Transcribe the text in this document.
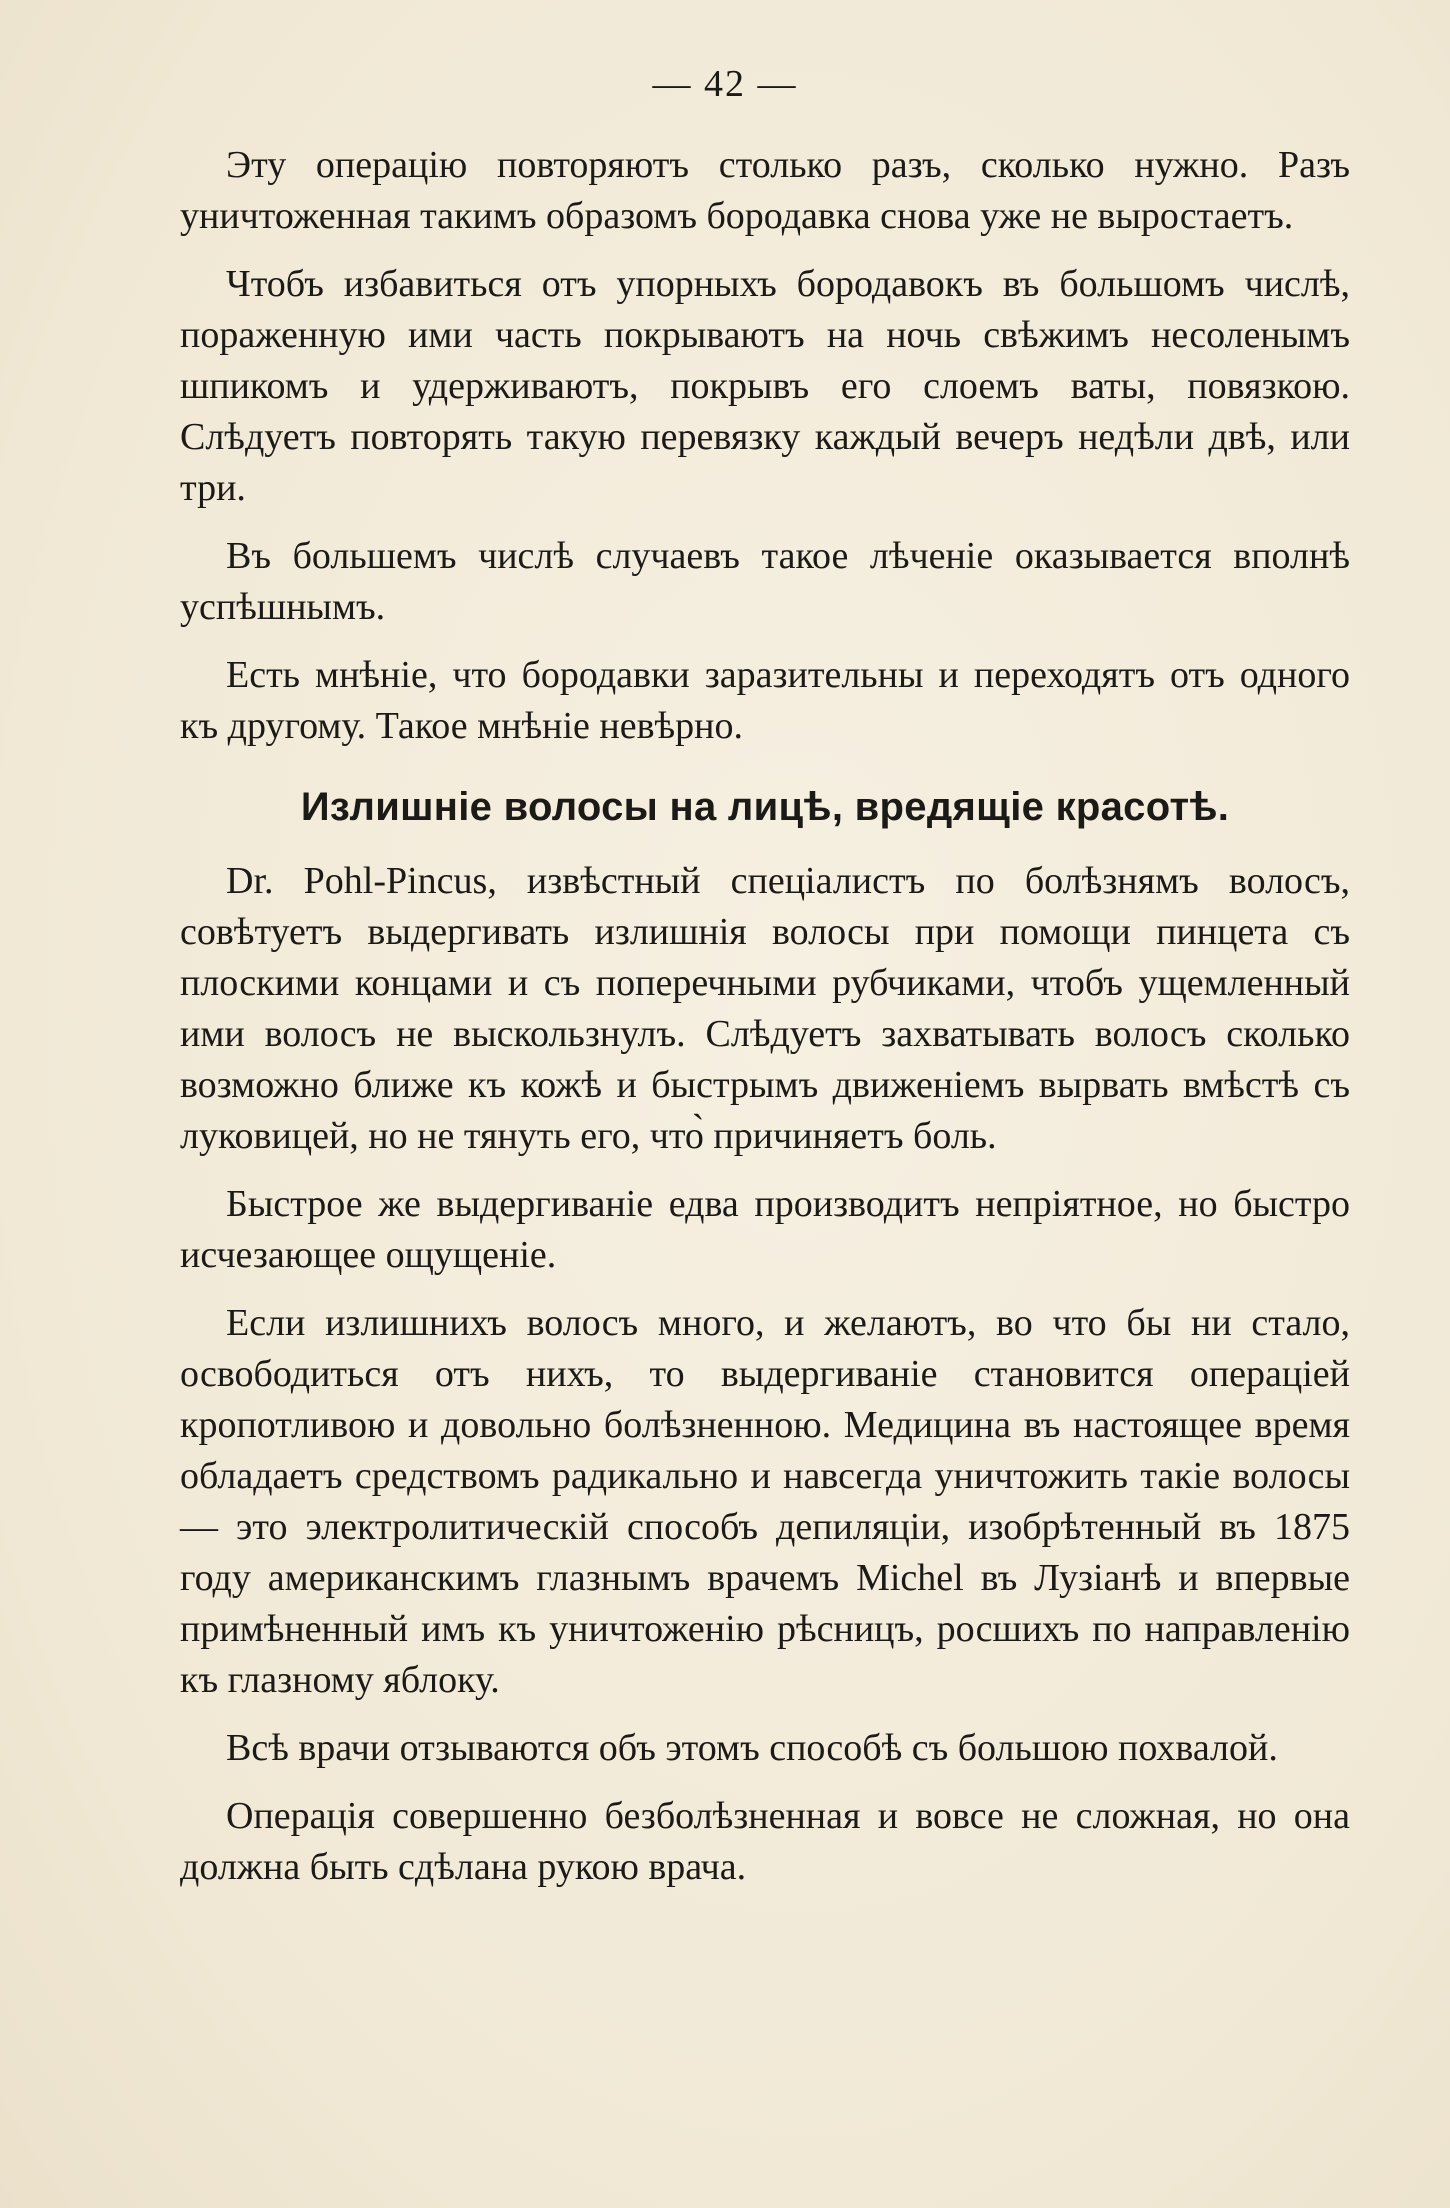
— 42 —

Эту операцію повторяютъ столько разъ, сколько нужно. Разъ уничтоженная такимъ образомъ бородавка снова уже не выростаетъ.

Чтобъ избавиться отъ упорныхъ бородавокъ въ большомъ числѣ, пораженную ими часть покрываютъ на ночь свѣжимъ несоленымъ шпикомъ и удерживаютъ, покрывъ его слоемъ ваты, повязкою. Слѣдуетъ повторять такую перевязку каждый вечеръ недѣли двѣ, или три.

Въ большемъ числѣ случаевъ такое лѣченіе оказывается вполнѣ успѣшнымъ.

Есть мнѣніе, что бородавки заразительны и переходятъ отъ одного къ другому. Такое мнѣніе невѣрно.

Излишніе волосы на лицѣ, вредящіе красотѣ.

Dr. Pohl-Pincus, извѣстный спеціалистъ по болѣзнямъ волосъ, совѣтуетъ выдергивать излишнія волосы при помощи пинцета съ плоскими концами и съ поперечными рубчиками, чтобъ ущемленный ими волосъ не выскользнулъ. Слѣдуетъ захватывать волосъ сколько возможно ближе къ кожѣ и быстрымъ движеніемъ вырвать вмѣстѣ съ луковицей, но не тянуть его, что̀ причиняетъ боль.

Быстрое же выдергиваніе едва производитъ непріятное, но быстро исчезающее ощущеніе.

Если излишнихъ волосъ много, и желаютъ, во что бы ни стало, освободиться отъ нихъ, то выдергиваніе становится операціей кропотливою и довольно болѣзненною. Медицина въ настоящее время обладаетъ средствомъ радикально и навсегда уничтожить такіе волосы — это электролитическій способъ депиляціи, изобрѣтенный въ 1875 году американскимъ глазнымъ врачемъ Michel въ Лузіанѣ и впервые примѣненный имъ къ уничтоженію рѣсницъ, росшихъ по направленію къ глазному яблоку.

Всѣ врачи отзываются объ этомъ способѣ съ большою похвалой.

Операція совершенно безболѣзненная и вовсе не сложная, но она должна быть сдѣлана рукою врача.
